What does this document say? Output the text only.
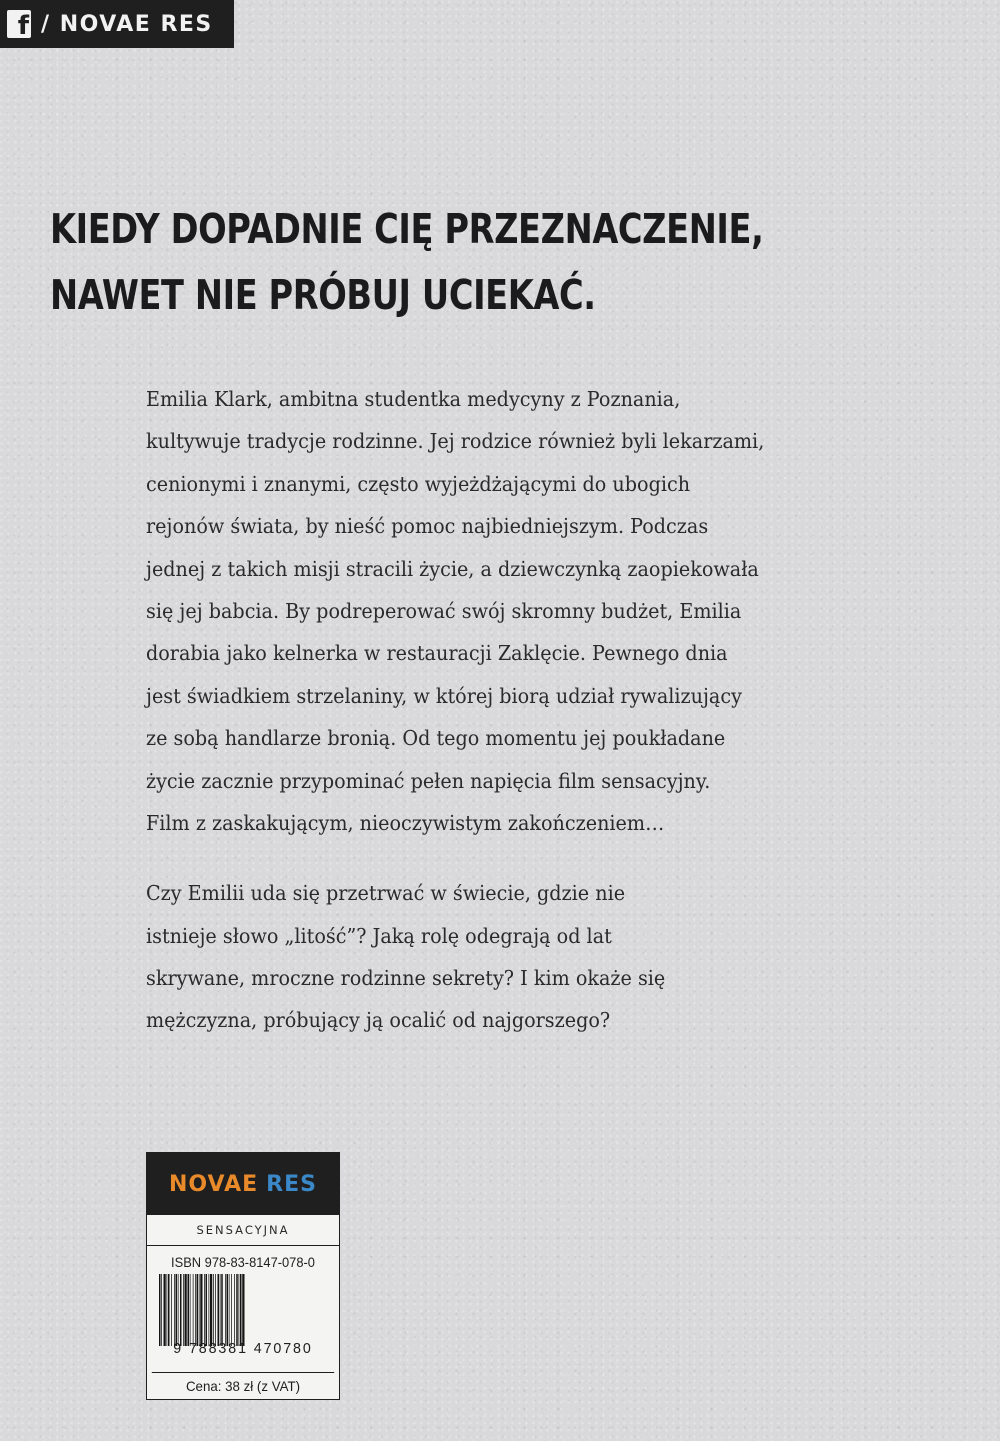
f / NOVAE RES
KIEDY DOPADNIE CIĘ PRZEZNACZENIE,
NAWET NIE PRÓBUJ UCIEKAĆ.
Emilia Klark, ambitna studentka medycyny z Poznania,
kultywuje tradycje rodzinne. Jej rodzice również byli lekarzami,
cenionymi i znanymi, często wyjeżdżającymi do ubogich
rejonów świata, by nieść pomoc najbiedniejszym. Podczas
jednej z takich misji stracili życie, a dziewczynką zaopiekowała
się jej babcia. By podreperować swój skromny budżet, Emilia
dorabia jako kelnerka w restauracji Zaklęcie. Pewnego dnia
jest świadkiem strzelaniny, w której biorą udział rywalizujący
ze sobą handlarze bronią. Od tego momentu jej poukładane
życie zacznie przypominać pełen napięcia film sensacyjny.
Film z zaskakującym, nieoczywistym zakończeniem…
Czy Emilii uda się przetrwać w świecie, gdzie nie
istnieje słowo „litość”? Jaką rolę odegrają od lat
skrywane, mroczne rodzinne sekrety? I kim okaże się
mężczyzna, próbujący ją ocalić od najgorszego?
NOVAE RES
SENSACYJNA
ISBN 978-83-8147-078-0
9 788381 470780
Cena: 38 zł (z VAT)
